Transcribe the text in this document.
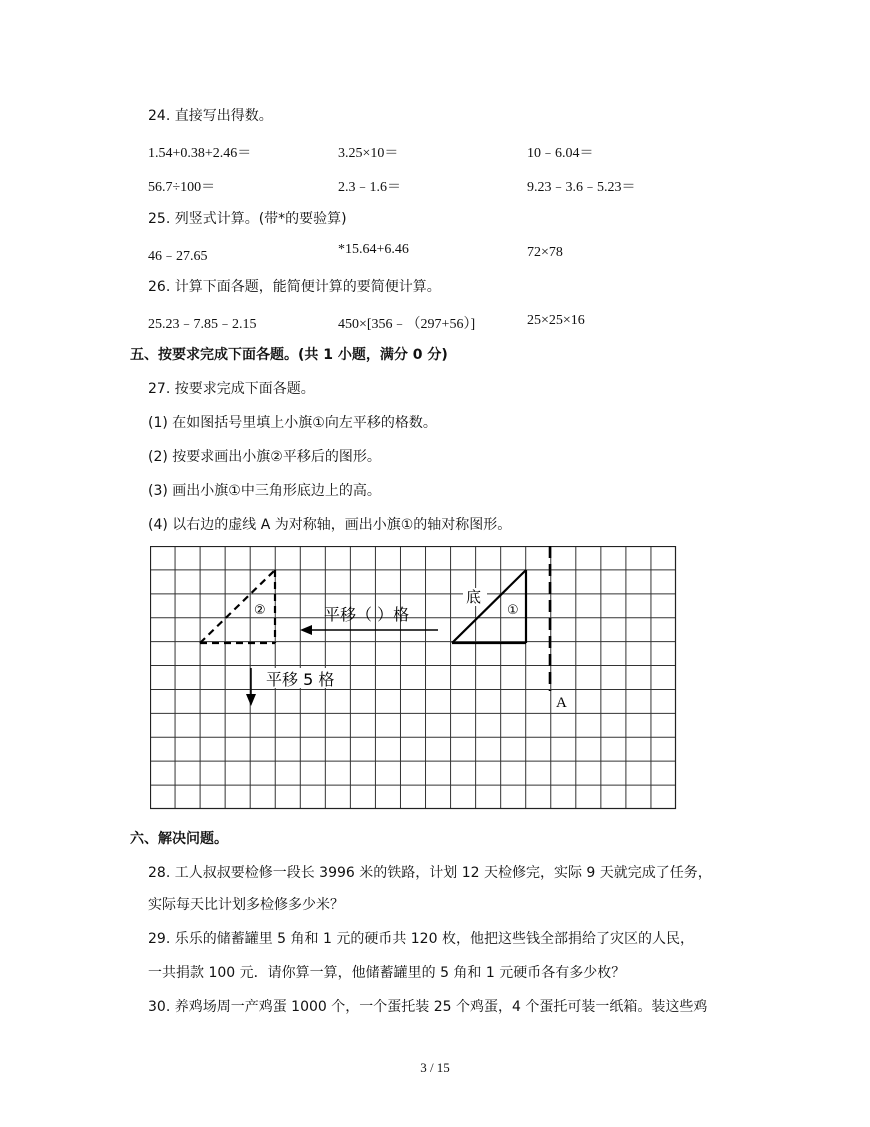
24. 直接写出得数。
1.54+0.38+2.46＝	3.25×10＝	10﹣6.04＝
56.7÷100＝	2.3﹣1.6＝	9.23﹣3.6﹣5.23＝
25. 列竖式计算。(带*的要验算)
46﹣27.65	*15.64+6.46	72×78
26. 计算下面各题，能简便计算的要简便计算。
25.23﹣7.85﹣2.15	450×[356﹣（297+56）]	25×25×16
五、按要求完成下面各题。(共 1 小题，满分 0 分)
27. 按要求完成下面各题。
(1) 在如图括号里填上小旗①向左平移的格数。
(2) 按要求画出小旗②平移后的图形。
(3) 画出小旗①中三角形底边上的高。
(4) 以右边的虚线 A 为对称轴，画出小旗①的轴对称图形。
②	平移（ ）格
底
①
平移 5 格
A
六、解决问题。
28. 工人叔叔要检修一段长 3996 米的铁路，计划 12 天检修完，实际 9 天就完成了任务，
实际每天比计划多检修多少米？
29. 乐乐的储蓄罐里 5 角和 1 元的硬币共 120 枚，他把这些钱全部捐给了灾区的人民，
一共捐款 100 元．请你算一算，他储蓄罐里的 5 角和 1 元硬币各有多少枚？
30. 养鸡场周一产鸡蛋 1000 个，一个蛋托装 25 个鸡蛋，4 个蛋托可装一纸箱。装这些鸡
3 / 15
